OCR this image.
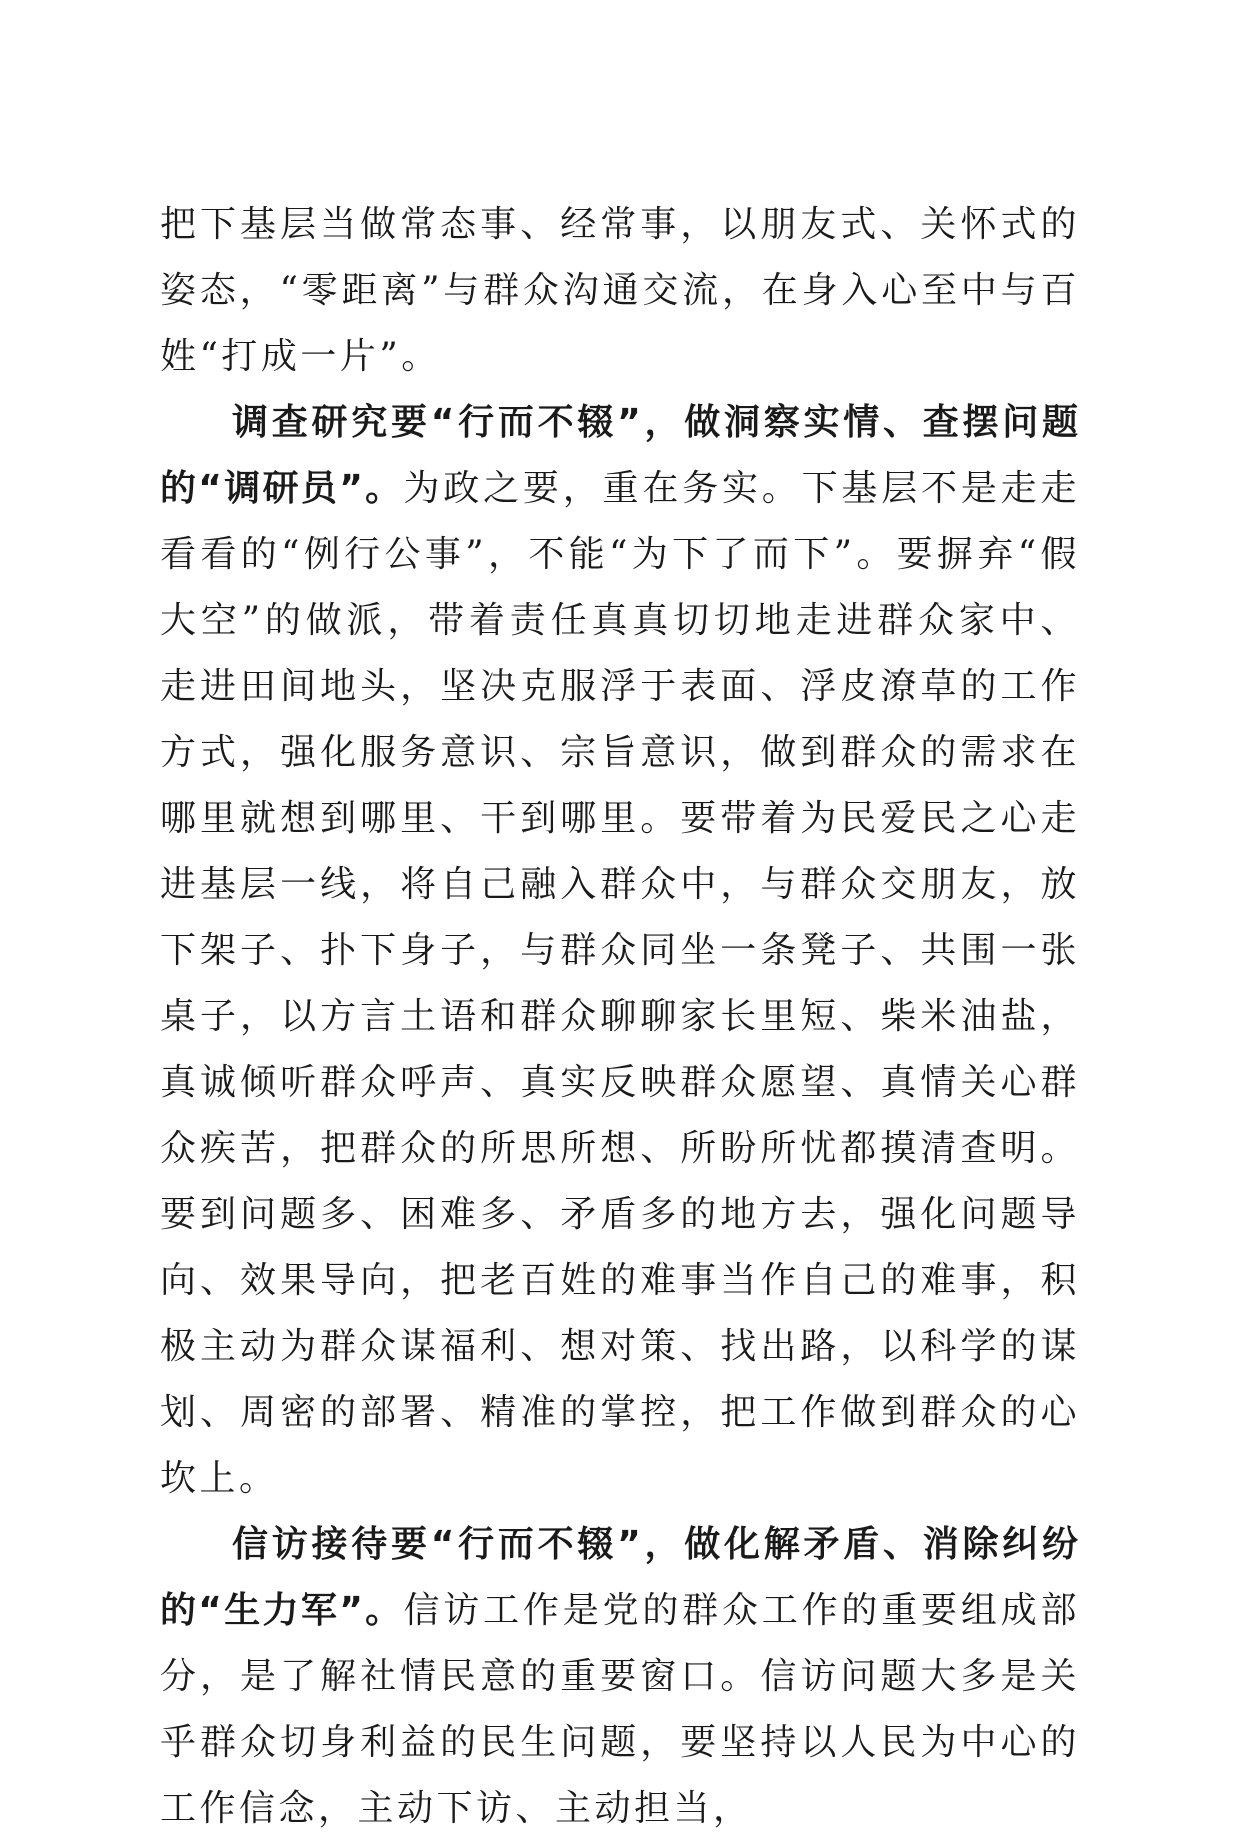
把下基层当做常态事、经常事，以朋友式、关怀式的姿态，“零距离”与群众沟通交流，在身入心至中与百姓“打成一片”。

调查研究要“行而不辍”，做洞察实情、查摆问题的“调研员”。为政之要，重在务实。下基层不是走走看看的“例行公事”，不能“为下了而下”。要摒弃“假大空”的做派，带着责任真真切切地走进群众家中、走进田间地头，坚决克服浮于表面、浮皮潦草的工作方式，强化服务意识、宗旨意识，做到群众的需求在哪里就想到哪里、干到哪里。要带着为民爱民之心走进基层一线，将自己融入群众中，与群众交朋友，放下架子、扑下身子，与群众同坐一条凳子、共围一张桌子，以方言土语和群众聊聊家长里短、柴米油盐，真诚倾听群众呼声、真实反映群众愿望、真情关心群众疾苦，把群众的所思所想、所盼所忧都摸清查明。要到问题多、困难多、矛盾多的地方去，强化问题导向、效果导向，把老百姓的难事当作自己的难事，积极主动为群众谋福利、想对策、找出路，以科学的谋划、周密的部署、精准的掌控，把工作做到群众的心坎上。

信访接待要“行而不辍”，做化解矛盾、消除纠纷的“生力军”。信访工作是党的群众工作的重要组成部分，是了解社情民意的重要窗口。信访问题大多是关乎群众切身利益的民生问题，要坚持以人民为中心的工作信念，主动下访、主动担当，
